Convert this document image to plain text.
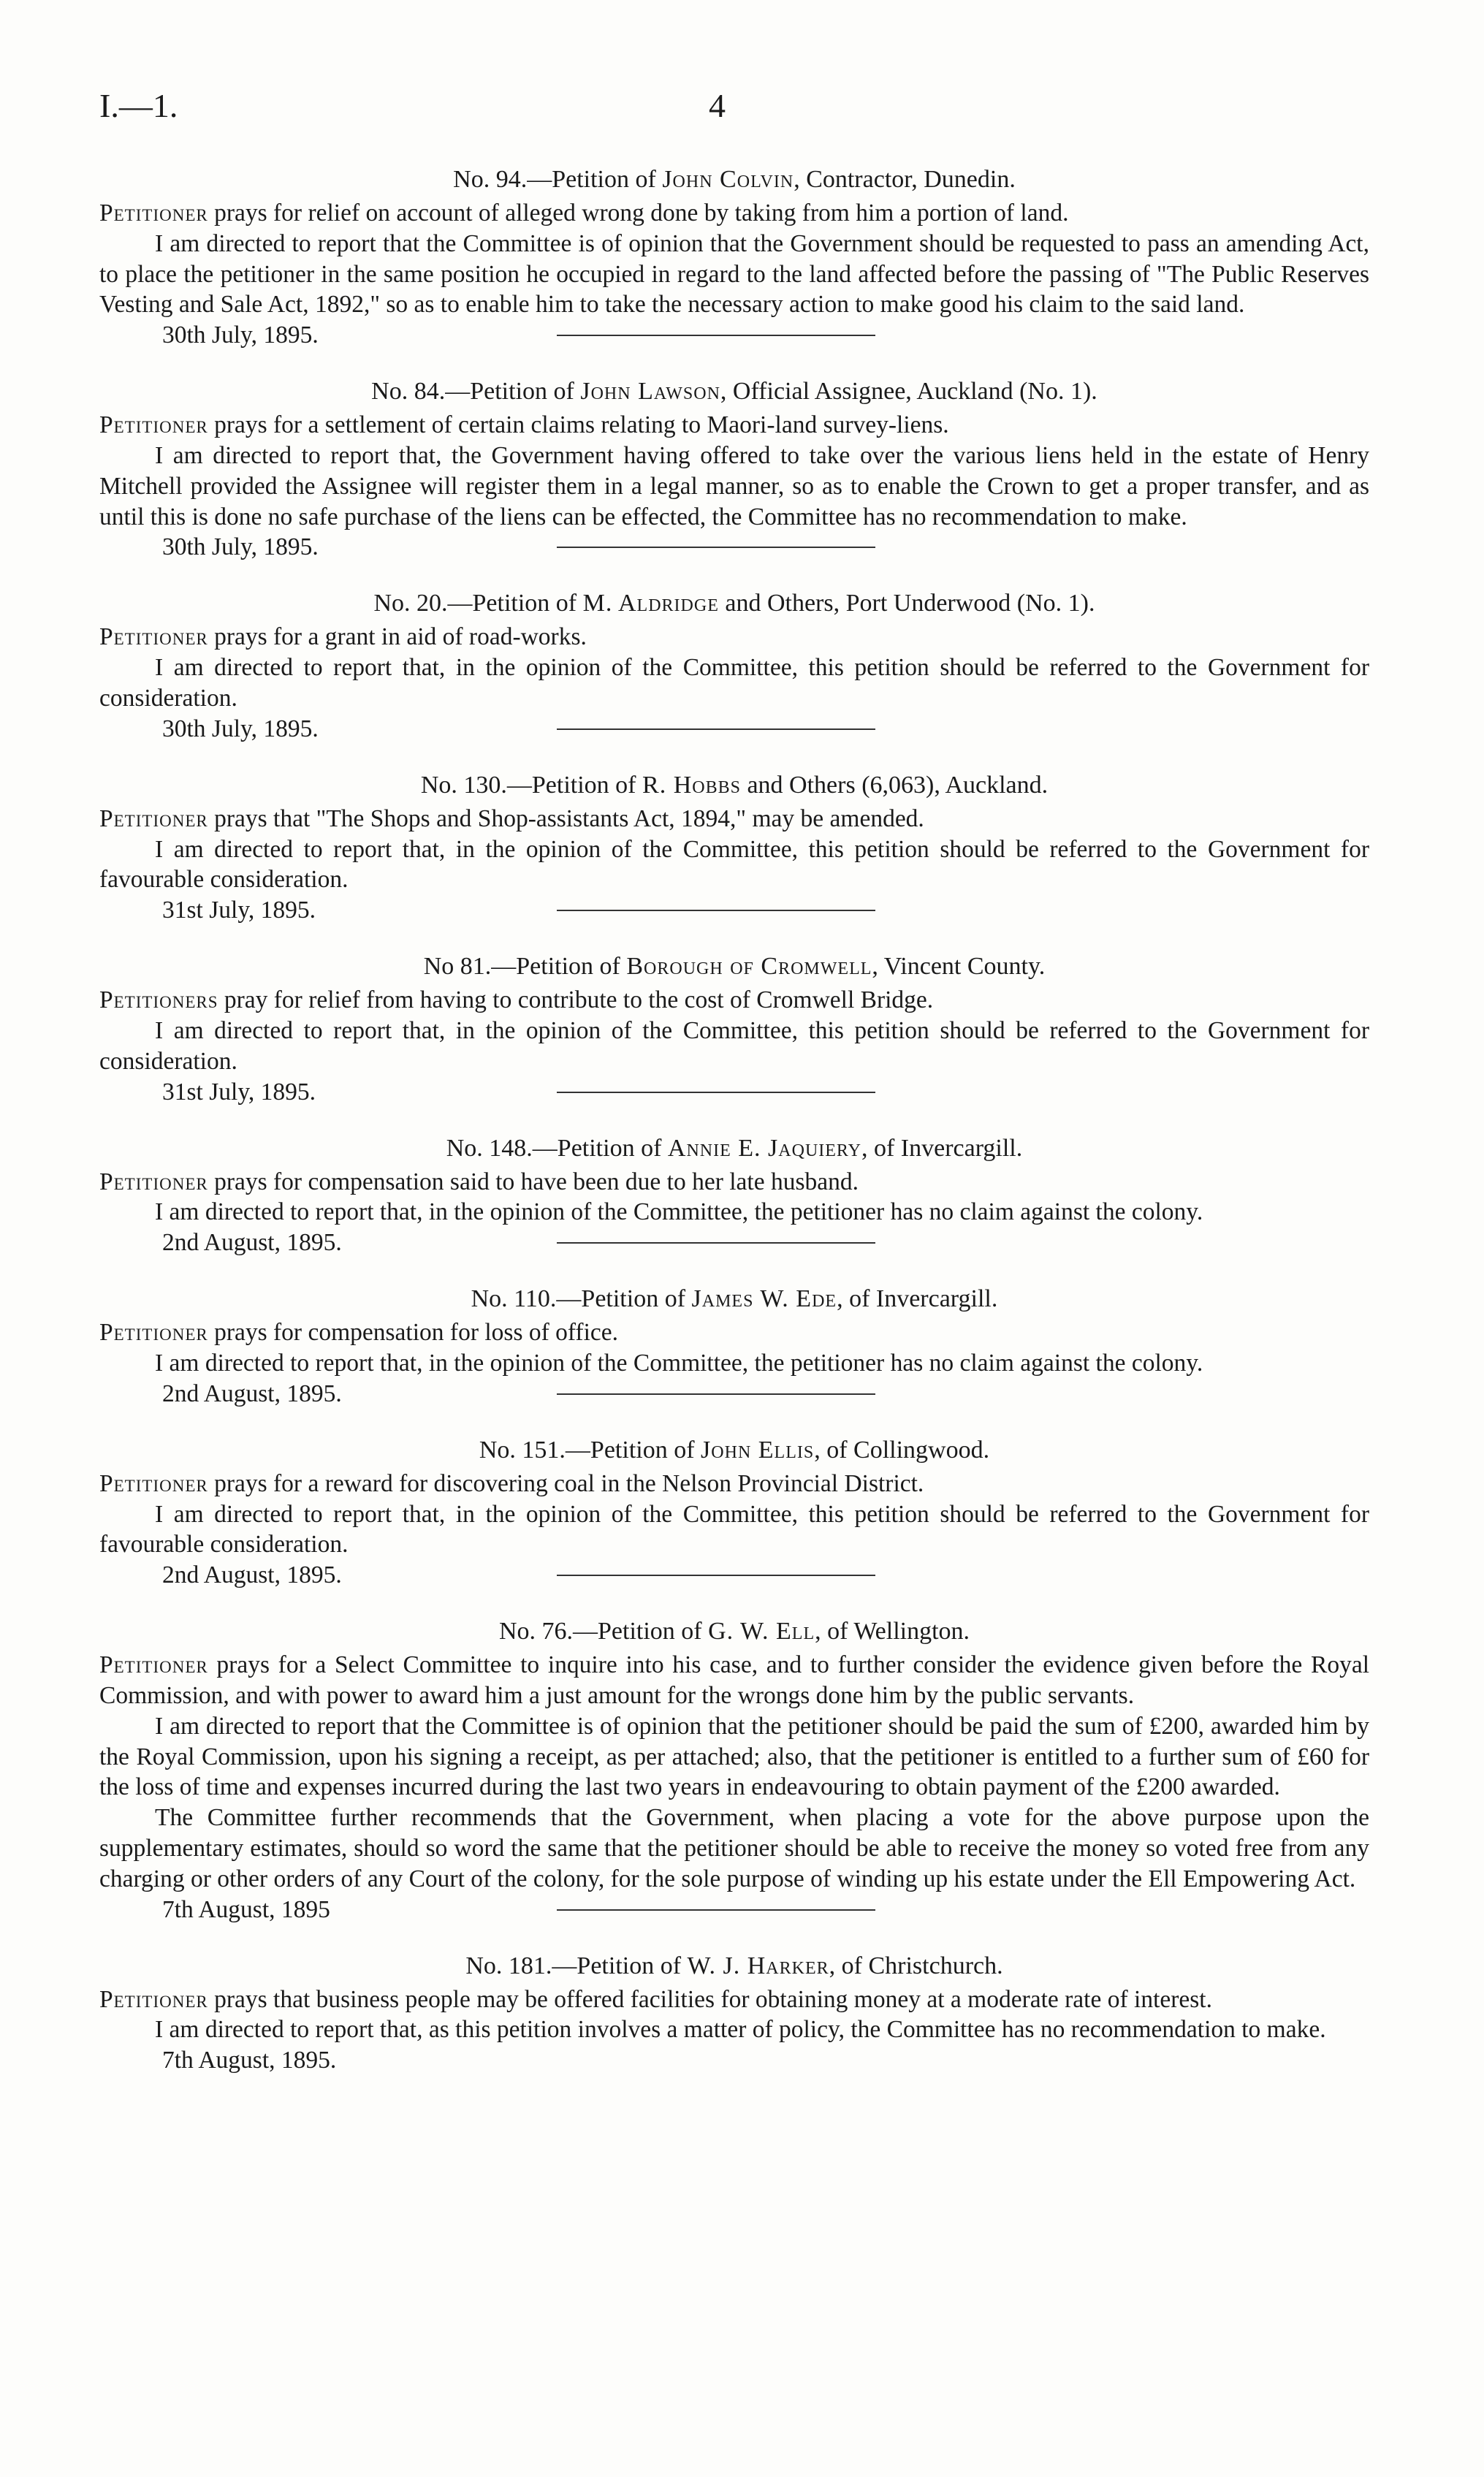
I.—1.	4
No. 94.—Petition of John Colvin, Contractor, Dunedin.

Petitioner prays for relief on account of alleged wrong done by taking from him a portion of land.

I am directed to report that the Committee is of opinion that the Government should be requested to pass an amending Act, to place the petitioner in the same position he occupied in regard to the land affected before the passing of "The Public Reserves Vesting and Sale Act, 1892," so as to enable him to take the necessary action to make good his claim to the said land.

30th July, 1895.
No. 84.—Petition of John Lawson, Official Assignee, Auckland (No. 1).

Petitioner prays for a settlement of certain claims relating to Maori-land survey-liens.

I am directed to report that, the Government having offered to take over the various liens held in the estate of Henry Mitchell provided the Assignee will register them in a legal manner, so as to enable the Crown to get a proper transfer, and as until this is done no safe purchase of the liens can be effected, the Committee has no recommendation to make.

30th July, 1895.
No. 20.—Petition of M. Aldridge and Others, Port Underwood (No. 1).

Petitioner prays for a grant in aid of road-works.

I am directed to report that, in the opinion of the Committee, this petition should be referred to the Government for consideration.

30th July, 1895.
No. 130.—Petition of R. Hobbs and Others (6,063), Auckland.

Petitioner prays that "The Shops and Shop-assistants Act, 1894," may be amended.

I am directed to report that, in the opinion of the Committee, this petition should be referred to the Government for favourable consideration.

31st July, 1895.
No 81.—Petition of Borough of Cromwell, Vincent County.

Petitioners pray for relief from having to contribute to the cost of Cromwell Bridge.

I am directed to report that, in the opinion of the Committee, this petition should be referred to the Government for consideration.

31st July, 1895.
No. 148.—Petition of Annie E. Jaquiery, of Invercargill.

Petitioner prays for compensation said to have been due to her late husband.

I am directed to report that, in the opinion of the Committee, the petitioner has no claim against the colony.

2nd August, 1895.
No. 110.—Petition of James W. Ede, of Invercargill.

Petitioner prays for compensation for loss of office.

I am directed to report that, in the opinion of the Committee, the petitioner has no claim against the colony.

2nd August, 1895.
No. 151.—Petition of John Ellis, of Collingwood.

Petitioner prays for a reward for discovering coal in the Nelson Provincial District.

I am directed to report that, in the opinion of the Committee, this petition should be referred to the Government for favourable consideration.

2nd August, 1895.
No. 76.—Petition of G. W. Ell, of Wellington.

Petitioner prays for a Select Committee to inquire into his case, and to further consider the evidence given before the Royal Commission, and with power to award him a just amount for the wrongs done him by the public servants.

I am directed to report that the Committee is of opinion that the petitioner should be paid the sum of £200, awarded him by the Royal Commission, upon his signing a receipt, as per attached; also, that the petitioner is entitled to a further sum of £60 for the loss of time and expenses incurred during the last two years in endeavouring to obtain payment of the £200 awarded.

The Committee further recommends that the Government, when placing a vote for the above purpose upon the supplementary estimates, should so word the same that the petitioner should be able to receive the money so voted free from any charging or other orders of any Court of the colony, for the sole purpose of winding up his estate under the Ell Empowering Act.

7th August, 1895
No. 181.—Petition of W. J. Harker, of Christchurch.

Petitioner prays that business people may be offered facilities for obtaining money at a moderate rate of interest.

I am directed to report that, as this petition involves a matter of policy, the Committee has no recommendation to make.

7th August, 1895.
